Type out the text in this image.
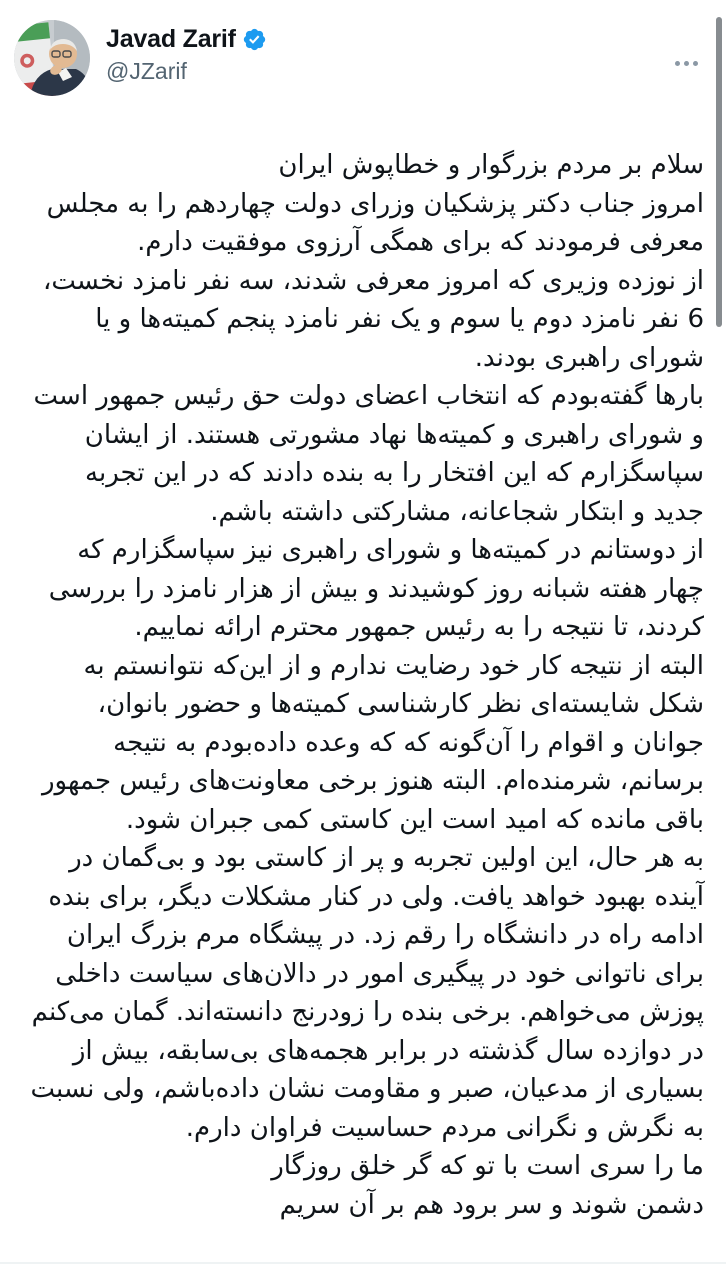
Javad Zarif
@JZarif
سلام بر مردم بزرگوار و خطاپوش ایران
امروز جناب دکتر پزشکیان وزرای دولت چهاردهم را به مجلس معرفی فرمودند که برای همگی آرزوی موفقیت دارم.
از نوزده وزیری که امروز معرفی شدند، سه نفر نامزد نخست، 6 نفر نامزد دوم یا سوم و یک نفر نامزد پنجم کمیته‌ها و یا شورای راهبری بودند.
بارها گفته‌بودم که انتخاب اعضای دولت حق رئیس جمهور است و شورای راهبری و کمیته‌ها نهاد مشورتی هستند. از ایشان سپاسگزارم که این افتخار را به بنده دادند که در این تجربه جدید و ابتکار شجاعانه، مشارکتی داشته باشم.
از دوستانم در کمیته‌ها و شورای راهبری نیز سپاسگزارم که چهار هفته شبانه روز کوشیدند و بیش از هزار نامزد را بررسی کردند، تا نتیجه را به رئیس جمهور محترم ارائه نماییم.
البته از نتیجه کار خود رضایت ندارم و از این‌که نتوانستم به شکل شایسته‌ای نظر کارشناسی کمیته‌ها و حضور بانوان، جوانان و اقوام را آن‌گونه که که وعده داده‌بودم به نتیجه برسانم، شرمنده‌ام. البته هنوز برخی معاونت‌های رئیس جمهور باقی مانده که امید است این کاستی کمی جبران شود.
به هر حال، این اولین تجربه و پر از کاستی بود و بی‌گمان در آینده بهبود خواهد یافت. ولی در کنار مشکلات دیگر، برای بنده ادامه راه در دانشگاه را رقم زد. در پیشگاه مرم بزرگ ایران برای ناتوانی خود در پیگیری امور در دالان‌های سیاست داخلی پوزش می‌خواهم. برخی بنده را زودرنج دانسته‌اند. گمان می‌کنم در دوازده سال گذشته در برابر هجمه‌های بی‌سابقه، بیش از بسیاری از مدعیان، صبر و مقاومت نشان داده‌باشم، ولی نسبت به نگرش و نگرانی مردم حساسیت فراوان دارم.
ما را سری است با تو که گر خلق روزگار
دشمن شوند و سر برود هم بر آن سریم
